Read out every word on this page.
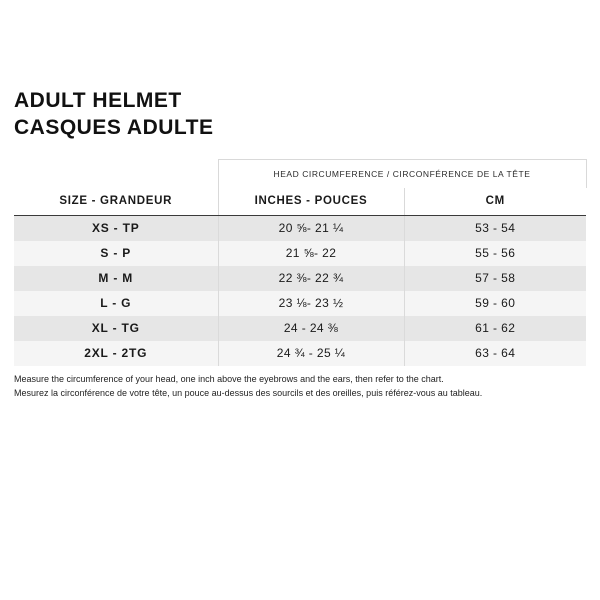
ADULT HELMET
CASQUES ADULTE
	HEAD CIRCUMFERENCE / CIRCONFÉRENCE DE LA TÊTE	
SIZE - GRANDEUR	INCHES - POUCES	CM
XS - TP	20 ⅝- 21 ¼	53 - 54
S - P	21 ⅝- 22	55 - 56
M - M	22 ⅜- 22 ¾	57 - 58
L - G	23 ⅛- 23 ½	59 - 60
XL - TG	24 - 24 ⅜	61 - 62
2XL - 2TG	24 ¾ - 25 ¼	63 - 64
Measure the circumference of your head, one inch above the eyebrows and the ears, then refer to the chart.
Mesurez la circonférence de votre tête, un pouce au-dessus des sourcils et des oreilles, puis référez-vous au tableau.
